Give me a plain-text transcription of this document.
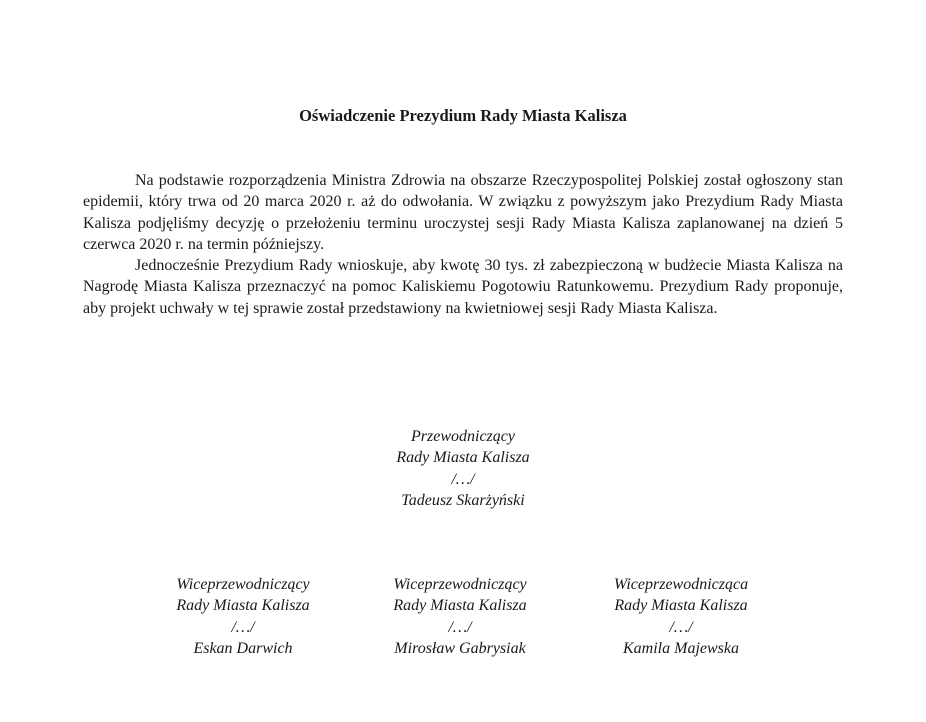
Oświadczenie Prezydium Rady Miasta Kalisza

Na podstawie rozporządzenia Ministra Zdrowia na obszarze Rzeczypospolitej Polskiej został ogłoszony stan epidemii, który trwa od 20 marca 2020 r. aż do odwołania. W związku z powyższym jako Prezydium Rady Miasta Kalisza podjęliśmy decyzję o przełożeniu terminu uroczystej sesji Rady Miasta Kalisza zaplanowanej na dzień 5 czerwca 2020 r. na termin późniejszy.

Jednocześnie Prezydium Rady wnioskuje, aby kwotę 30 tys. zł zabezpieczoną w budżecie Miasta Kalisza na Nagrodę Miasta Kalisza przeznaczyć na pomoc Kaliskiemu Pogotowiu Ratunkowemu. Prezydium Rady proponuje, aby projekt uchwały w tej sprawie został przedstawiony na kwietniowej sesji Rady Miasta Kalisza.

Przewodniczący
Rady Miasta Kalisza
/…/
Tadeusz Skarżyński
Wiceprzewodniczący
Rady Miasta Kalisza
/…/
Eskan Darwich
Wiceprzewodniczący
Rady Miasta Kalisza
/…/
Mirosław Gabrysiak
Wiceprzewodnicząca
Rady Miasta Kalisza
/…/
Kamila Majewska
